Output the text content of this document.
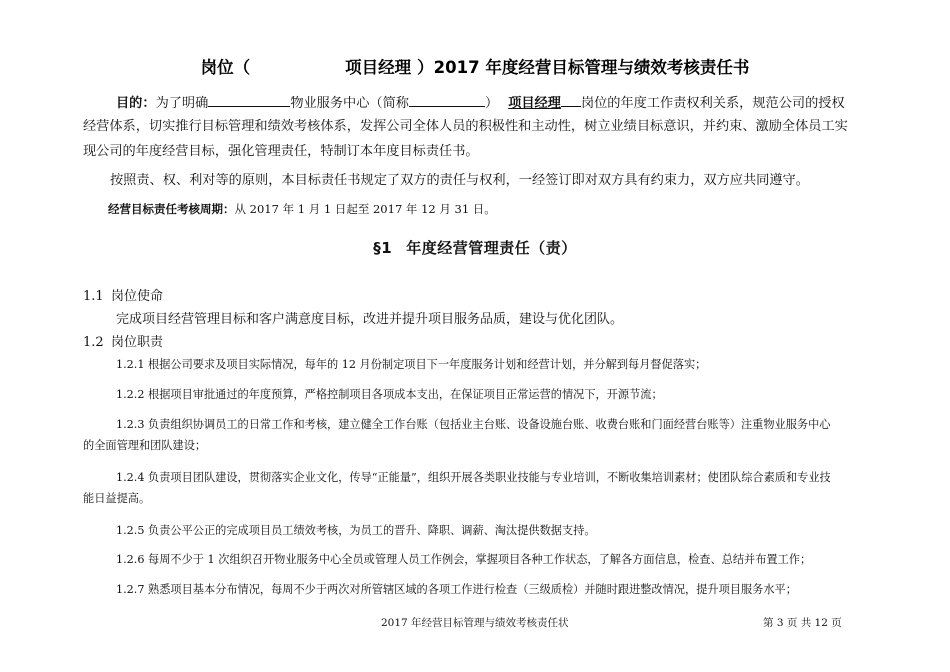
岗位（	项目经理 ）2017 年度经营目标管理与绩效考核责任书
目的：为了明确	物业服务中心（简称	） 项目经理 岗位的年度工作责权利关系，规范公司的授权
经营体系，切实推行目标管理和绩效考核体系，发挥公司全体人员的积极性和主动性，树立业绩目标意识，并约束、激励全体员工实
现公司的年度经营目标，强化管理责任，特制订本年度目标责任书。
按照责、权、利对等的原则，本目标责任书规定了双方的责任与权利，一经签订即对双方具有约束力，双方应共同遵守。
经营目标责任考核周期：从 2017 年 1 月 1 日起至 2017 年 12 月 31 日。
§1 年度经营管理责任（责）
1.1 岗位使命
完成项目经营管理目标和客户满意度目标，改进并提升项目服务品质，建设与优化团队。
1.2 岗位职责
1.2.1 根据公司要求及项目实际情况，每年的 12 月份制定项目下一年度服务计划和经营计划，并分解到每月督促落实；
1.2.2 根据项目审批通过的年度预算，严格控制项目各项成本支出，在保证项目正常运营的情况下，开源节流；
1.2.3 负责组织协调员工的日常工作和考核，建立健全工作台账（包括业主台账、设备设施台账、收费台账和门面经营台账等）注重物业服务中心
的全面管理和团队建设；
1.2.4 负责项目团队建设，贯彻落实企业文化，传导“正能量”，组织开展各类职业技能与专业培训，不断收集培训素材；使团队综合素质和专业技
能日益提高。
1.2.5 负责公平公正的完成项目员工绩效考核，为员工的晋升、降职、调薪、淘汰提供数据支持。
1.2.6 每周不少于 1 次组织召开物业服务中心全员或管理人员工作例会，掌握项目各种工作状态，了解各方面信息，检查、总结并布置工作；
1.2.7 熟悉项目基本分布情况，每周不少于两次对所管辖区域的各项工作进行检查（三级质检）并随时跟进整改情况，提升项目服务水平；
2017 年经营目标管理与绩效考核责任状	第 3 页 共 12 页
